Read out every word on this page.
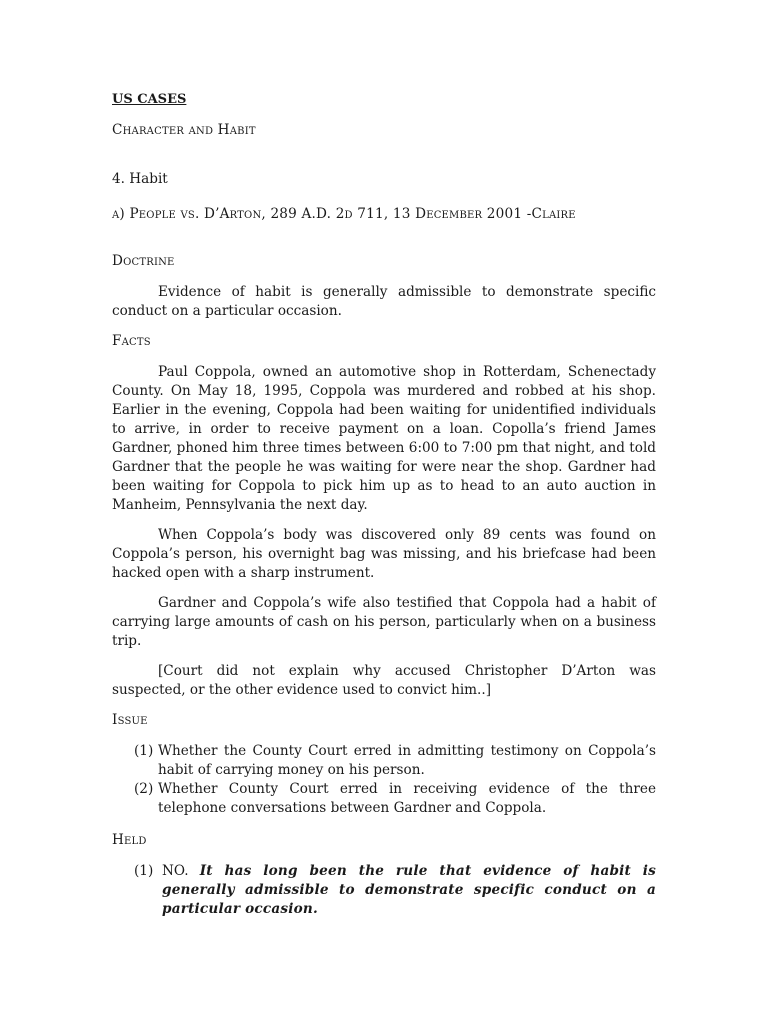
US CASES
Character and Habit
4. Habit
a) People vs. D’Arton, 289 A.D. 2d 711, 13 December 2001 -Claire
Doctrine

Evidence of habit is generally admissible to demonstrate specific conduct on a particular occasion.

Facts

Paul Coppola, owned an automotive shop in Rotterdam, Schenectady County. On May 18, 1995, Coppola was murdered and robbed at his shop. Earlier in the evening, Coppola had been waiting for unidentified individuals to arrive, in order to receive payment on a loan. Copolla’s friend James Gardner, phoned him three times between 6:00 to 7:00 pm that night, and told Gardner that the people he was waiting for were near the shop. Gardner had been waiting for Coppola to pick him up as to head to an auto auction in Manheim, Pennsylvania the next day.

When Coppola’s body was discovered only 89 cents was found on Coppola’s person, his overnight bag was missing, and his briefcase had been hacked open with a sharp instrument.

Gardner and Coppola’s wife also testified that Coppola had a habit of carrying large amounts of cash on his person, particularly when on a business trip.

[Court did not explain why accused Christopher D’Arton was suspected, or the other evidence used to convict him..]

Issue
(1) Whether the County Court erred in admitting testimony on Coppola’s habit of carrying money on his person.
(2) Whether County Court erred in receiving evidence of the three telephone conversations between Gardner and Coppola.
Held
(1) NO. It has long been the rule that evidence of habit is generally admissible to demonstrate specific conduct on a particular occasion.
